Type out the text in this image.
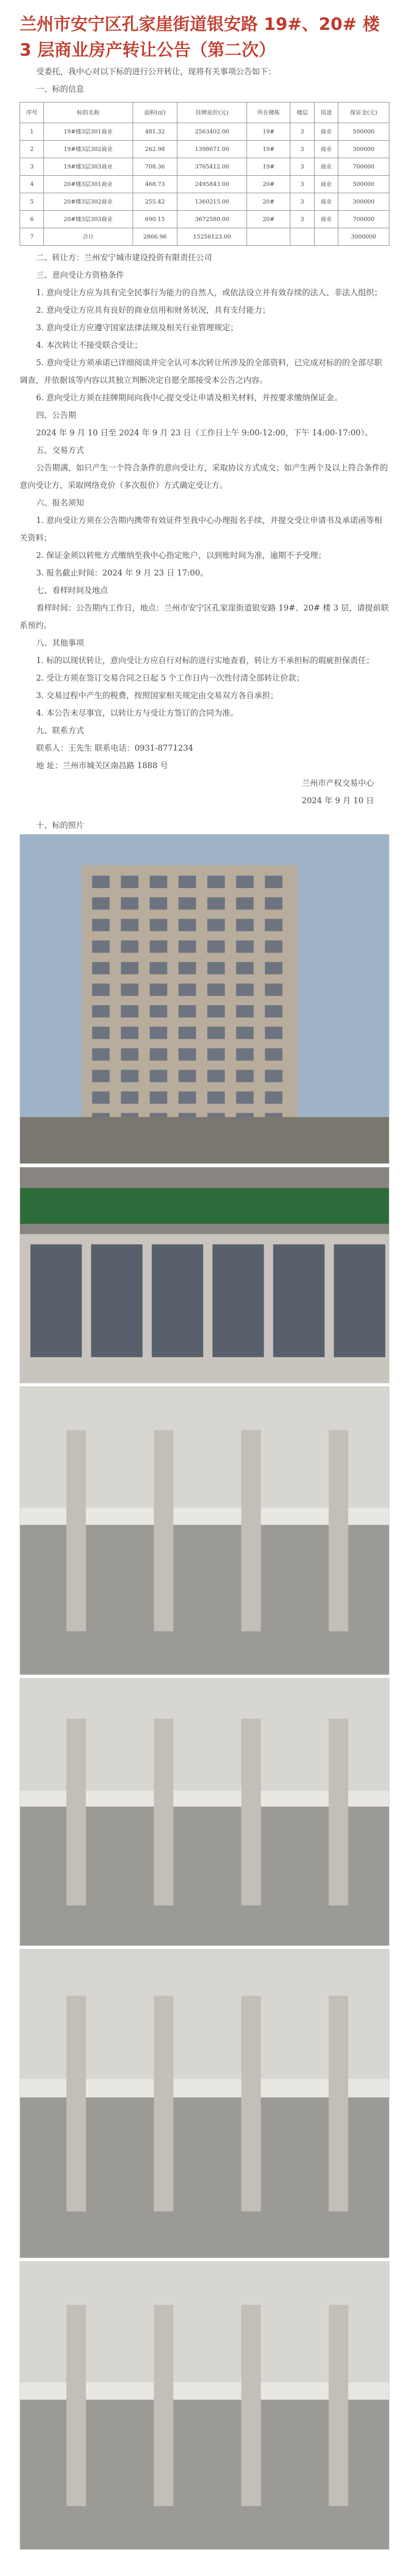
兰州市安宁区孔家崖街道银安路 19#、20# 楼 3 层商业房产转让公告（第二次）

受委托，我中心对以下标的进行公开转让，现将有关事项公告如下：

一、标的信息

序号	标的名称	面积(㎡)	挂牌底价(元)	所在楼栋	楼层	用途	保证金(元)
1	19#楼3层301商业	481.32	2563402.00	19#	3	商业	500000
2	19#楼3层302商业	262.98	1398671.00	19#	3	商业	300000
3	19#楼3层303商业	708.36	3765412.00	19#	3	商业	700000
4	20#楼3层301商业	468.73	2495843.00	20#	3	商业	500000
5	20#楼3层302商业	255.42	1360215.00	20#	3	商业	300000
6	20#楼3层303商业	690.15	3672580.00	20#	3	商业	700000
7	合计	2866.96	15256123.00				3000000

二、转让方：兰州安宁城市建设投资有限责任公司

三、意向受让方资格条件

1. 意向受让方应为具有完全民事行为能力的自然人，或依法设立并有效存续的法人、非法人组织；

2. 意向受让方应具有良好的商业信用和财务状况，具有支付能力；

3. 意向受让方应遵守国家法律法规及相关行业管理规定；

4. 本次转让不接受联合受让；

5. 意向受让方须承诺已详细阅读并完全认可本次转让所涉及的全部资料，已完成对标的的全部尽职调查，并依据该等内容以其独立判断决定自愿全部接受本公告之内容。

6. 意向受让方须在挂牌期间向我中心提交受让申请及相关材料，并按要求缴纳保证金。

四、公告期

2024 年 9 月 10 日至 2024 年 9 月 23 日（工作日上午 9:00-12:00，下午 14:00-17:00）。

五、交易方式

公告期满，如只产生一个符合条件的意向受让方，采取协议方式成交；如产生两个及以上符合条件的意向受让方，采取网络竞价（多次报价）方式确定受让方。

六、报名须知

1. 意向受让方须在公告期内携带有效证件至我中心办理报名手续，并提交受让申请书及承诺函等相关资料；

2. 保证金须以转账方式缴纳至我中心指定账户，以到账时间为准，逾期不予受理；

3. 报名截止时间：2024 年 9 月 23 日 17:00。

七、看样时间及地点

看样时间：公告期内工作日，地点：兰州市安宁区孔家崖街道银安路 19#、20# 楼 3 层，请提前联系预约。

八、其他事项

1. 标的以现状转让，意向受让方应自行对标的进行实地查看，转让方不承担标的瑕疵担保责任；

2. 受让方须在签订交易合同之日起 5 个工作日内一次性付清全部转让价款；

3. 交易过程中产生的税费，按照国家相关规定由交易双方各自承担；

4. 本公告未尽事宜，以转让方与受让方签订的合同为准。

九、联系方式

联系人：王先生 联系电话：0931-8771234

地 址：兰州市城关区南昌路 1888 号

兰州市产权交易中心

2024 年 9 月 10 日

十、标的照片
